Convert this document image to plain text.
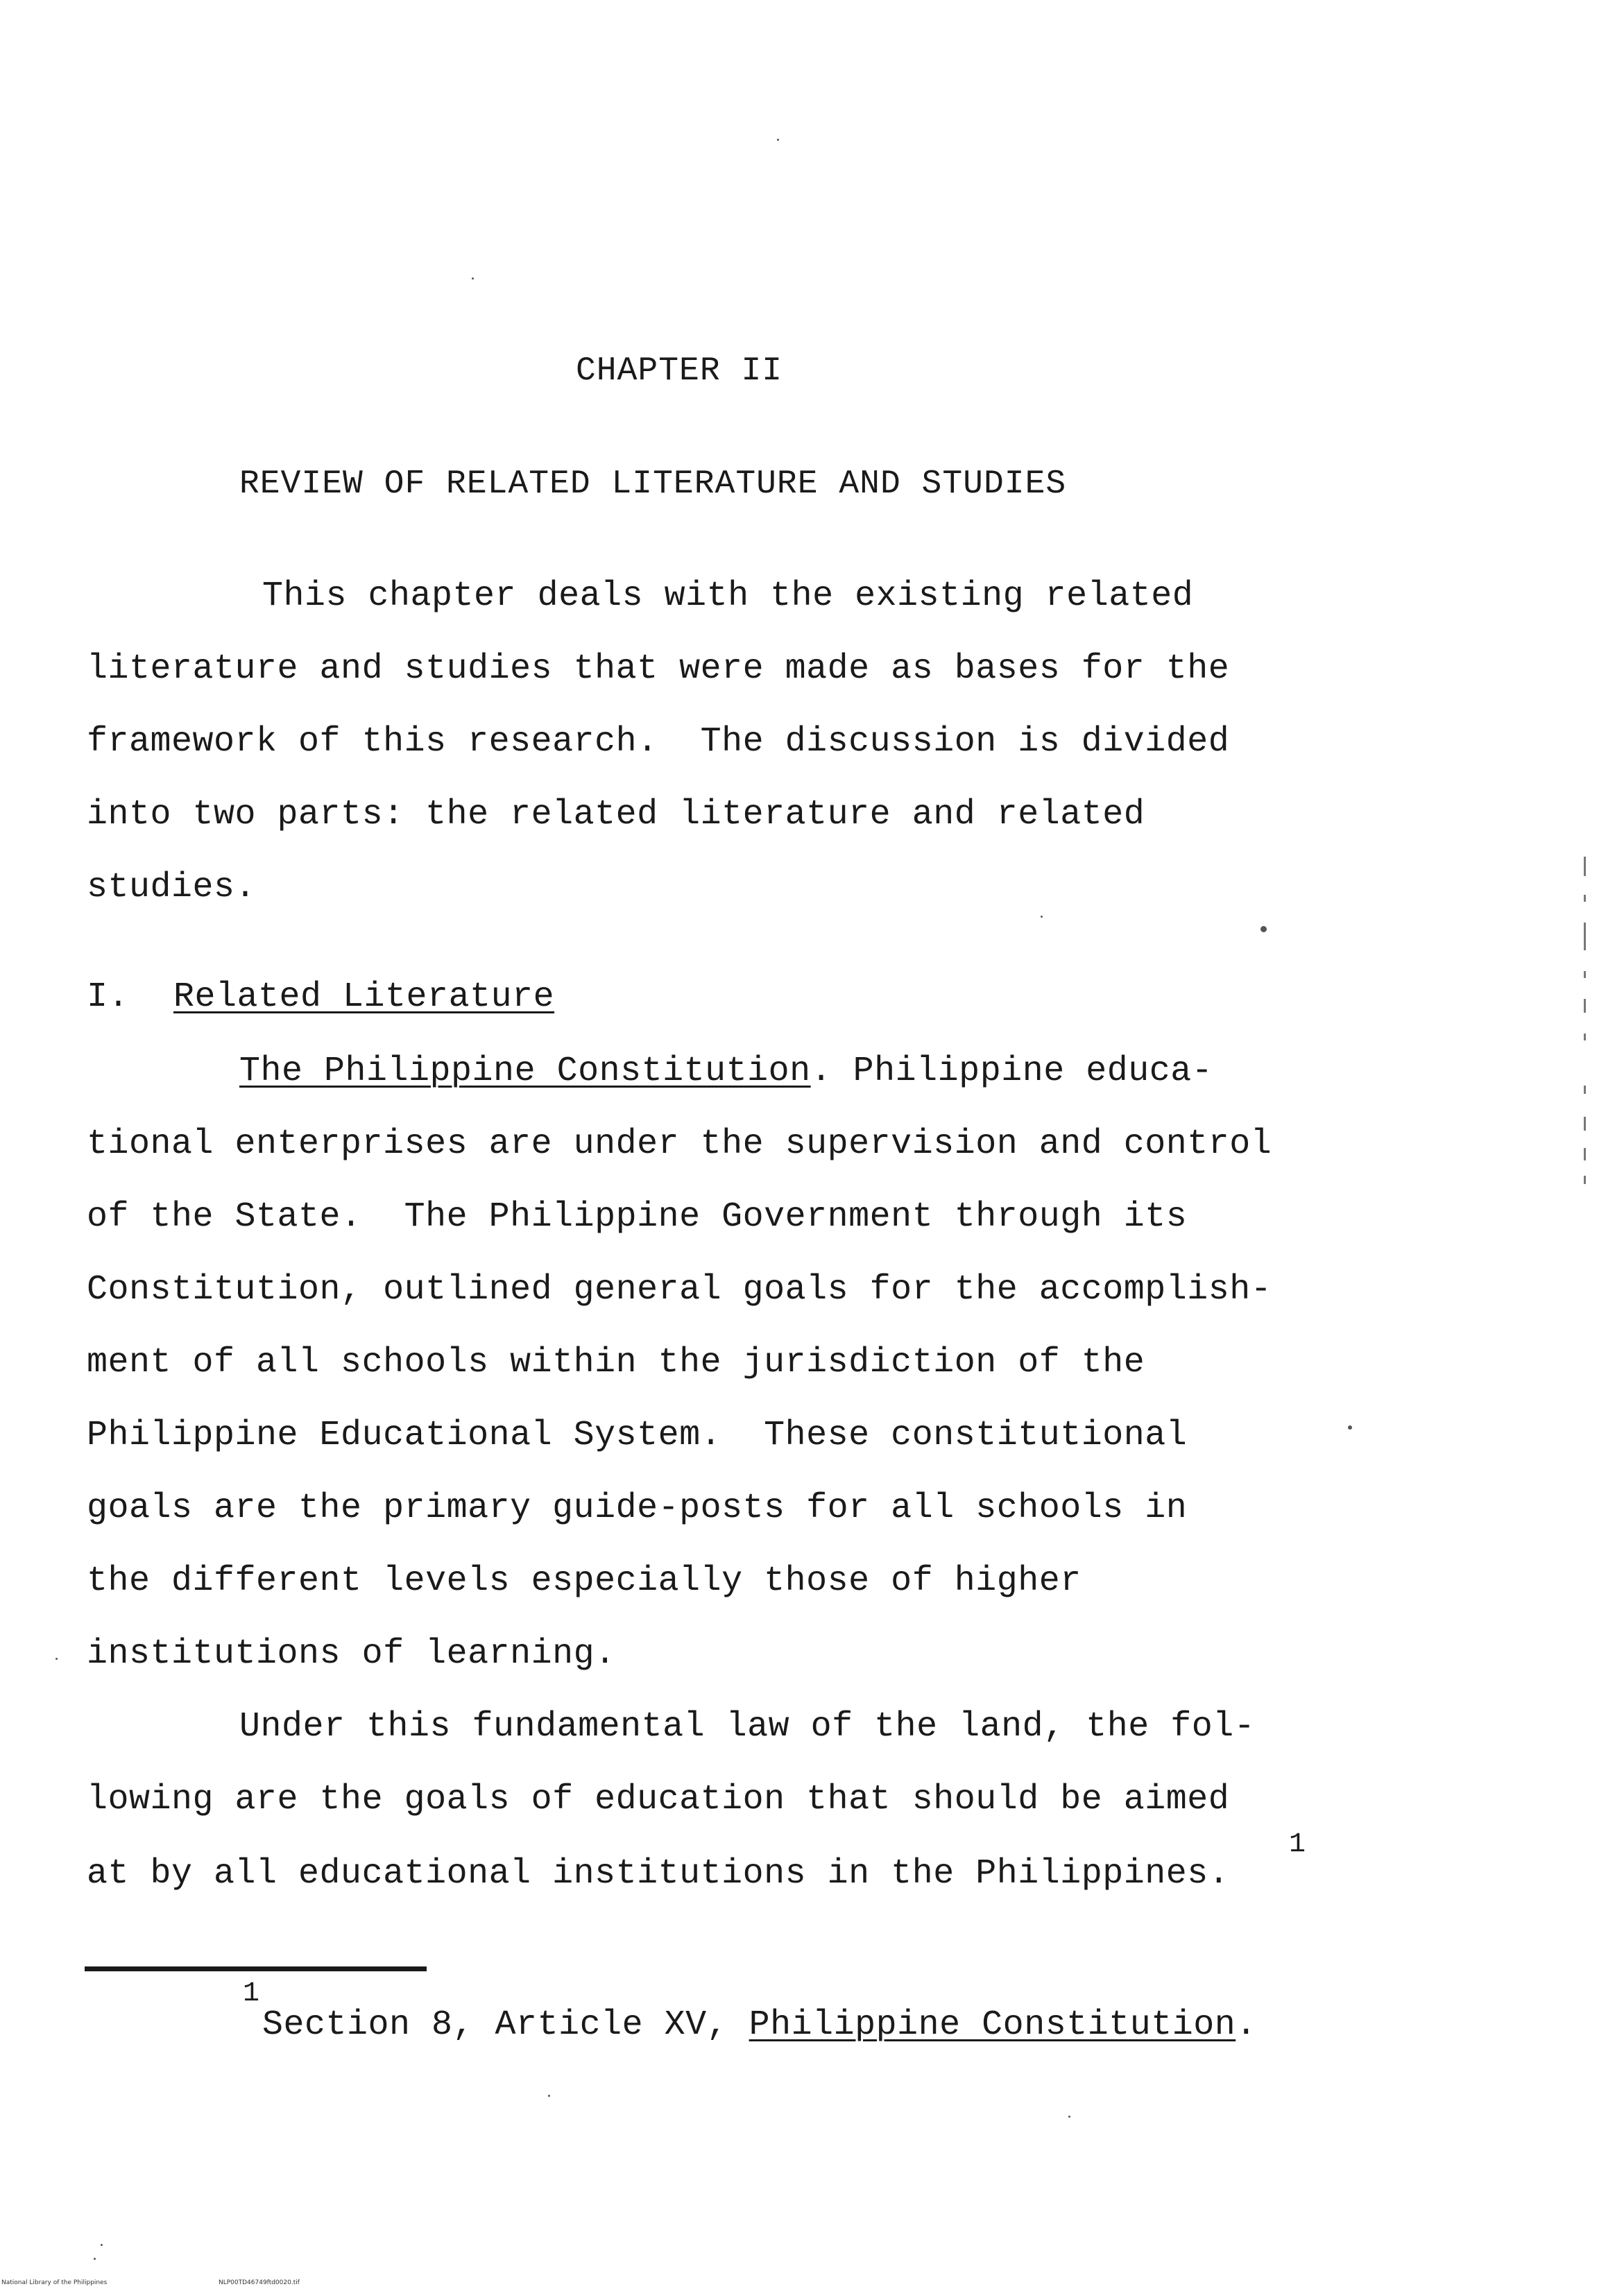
CHAPTER II
REVIEW OF RELATED LITERATURE AND STUDIES
This chapter deals with the existing related
literature and studies that were made as bases for the
framework of this research.  The discussion is divided
into two parts: the related literature and related
studies.
I. Related Literature
The Philippine Constitution. Philippine educa-
tional enterprises are under the supervision and control
of the State.  The Philippine Government through its
Constitution, outlined general goals for the accomplish-
ment of all schools within the jurisdiction of the
Philippine Educational System.  These constitutional
goals are the primary guide-posts for all schools in
the different levels especially those of higher
institutions of learning.
Under this fundamental law of the land, the fol-
lowing are the goals of education that should be aimed
at by all educational institutions in the Philippines.
1
1
Section 8, Article XV, Philippine Constitution.
National Library of the Philippines	NLP00TD46749ftd0020.tif
